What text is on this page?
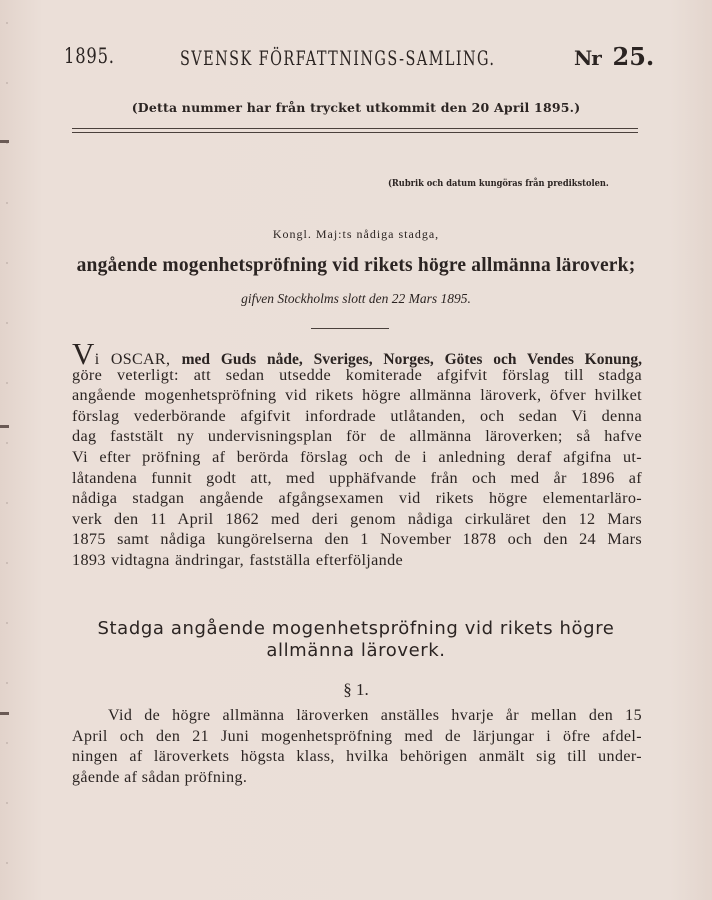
1895.	SVENSK FÖRFATTNINGS-SAMLING.	Nr 25.
(Detta nummer har från trycket utkommit den 20 April 1895.)
(Rubrik och datum kungöras från predikstolen.
Kongl. Maj:ts nådiga stadga,
angående mogenhetspröfning vid rikets högre allmänna läroverk;
gifven Stockholms slott den 22 Mars 1895.
Vi OSCAR, med Guds nåde, Sveriges, Norges, Götes och Vendes Konung,
göre veterligt: att sedan utsedde komiterade afgifvit förslag till stadga
angående mogenhetspröfning vid rikets högre allmänna läroverk, öfver hvilket
förslag vederbörande afgifvit infordrade utlåtanden, och sedan Vi denna
dag faststält ny undervisningsplan för de allmänna läroverken; så hafve
Vi efter pröfning af berörda förslag och de i anledning deraf afgifna ut-
låtandena funnit godt att, med upphäfvande från och med år 1896 af
nådiga stadgan angående afgångsexamen vid rikets högre elementarläro-
verk den 11 April 1862 med deri genom nådiga cirkuläret den 12 Mars
1875 samt nådiga kungörelserna den 1 November 1878 och den 24 Mars
1893 vidtagna ändringar, fastställa efterföljande
Stadga angående mogenhetspröfning vid rikets högre
allmänna läroverk.
§ 1.
Vid de högre allmänna läroverken anställes hvarje år mellan den 15
April och den 21 Juni mogenhetspröfning med de lärjungar i öfre afdel-
ningen af läroverkets högsta klass, hvilka behörigen anmält sig till under-
gående af sådan pröfning.
